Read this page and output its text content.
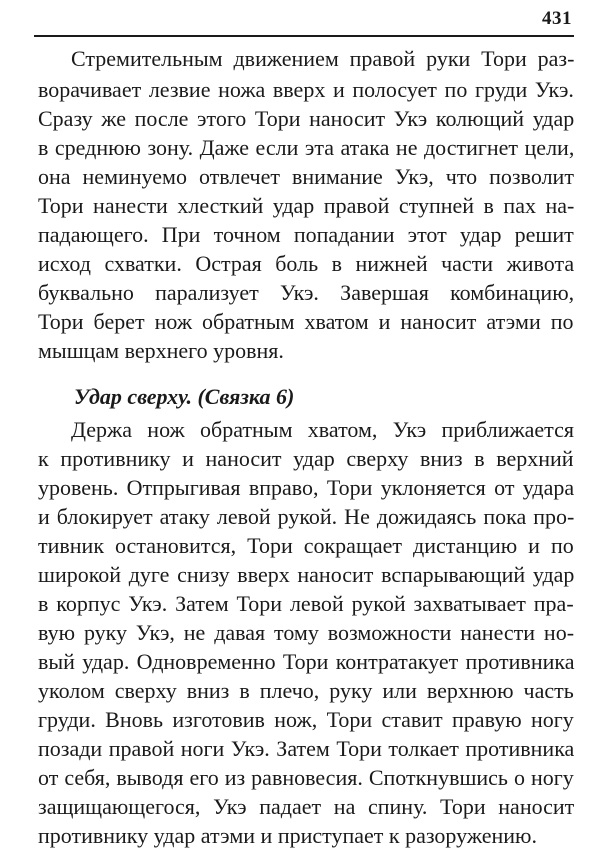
431
Стремительным движением правой руки Тори раз-
ворачивает лезвие ножа вверх и полосует по груди Укэ.
Сразу же после этого Тори наносит Укэ колющий удар
в среднюю зону. Даже если эта атака не достигнет цели,
она неминуемо отвлечет внимание Укэ, что позволит
Тори нанести хлесткий удар правой ступней в пах на-
падающего. При точном попадании этот удар решит
исход схватки. Острая боль в нижней части живота
буквально парализует Укэ. Завершая комбинацию,
Тори берет нож обратным хватом и наносит атэми по
мышцам верхнего уровня.
Удар сверху. (Связка 6)
Держа нож обратным хватом, Укэ приближается
к противнику и наносит удар сверху вниз в верхний
уровень. Отпрыгивая вправо, Тори уклоняется от удара
и блокирует атаку левой рукой. Не дожидаясь пока про-
тивник остановится, Тори сокращает дистанцию и по
широкой дуге снизу вверх наносит вспарывающий удар
в корпус Укэ. Затем Тори левой рукой захватывает пра-
вую руку Укэ, не давая тому возможности нанести но-
вый удар. Одновременно Тори контратакует противника
уколом сверху вниз в плечо, руку или верхнюю часть
груди. Вновь изготовив нож, Тори ставит правую ногу
позади правой ноги Укэ. Затем Тори толкает противника
от себя, выводя его из равновесия. Споткнувшись о ногу
защищающегося, Укэ падает на спину. Тори наносит
противнику удар атэми и приступает к разоружению.
